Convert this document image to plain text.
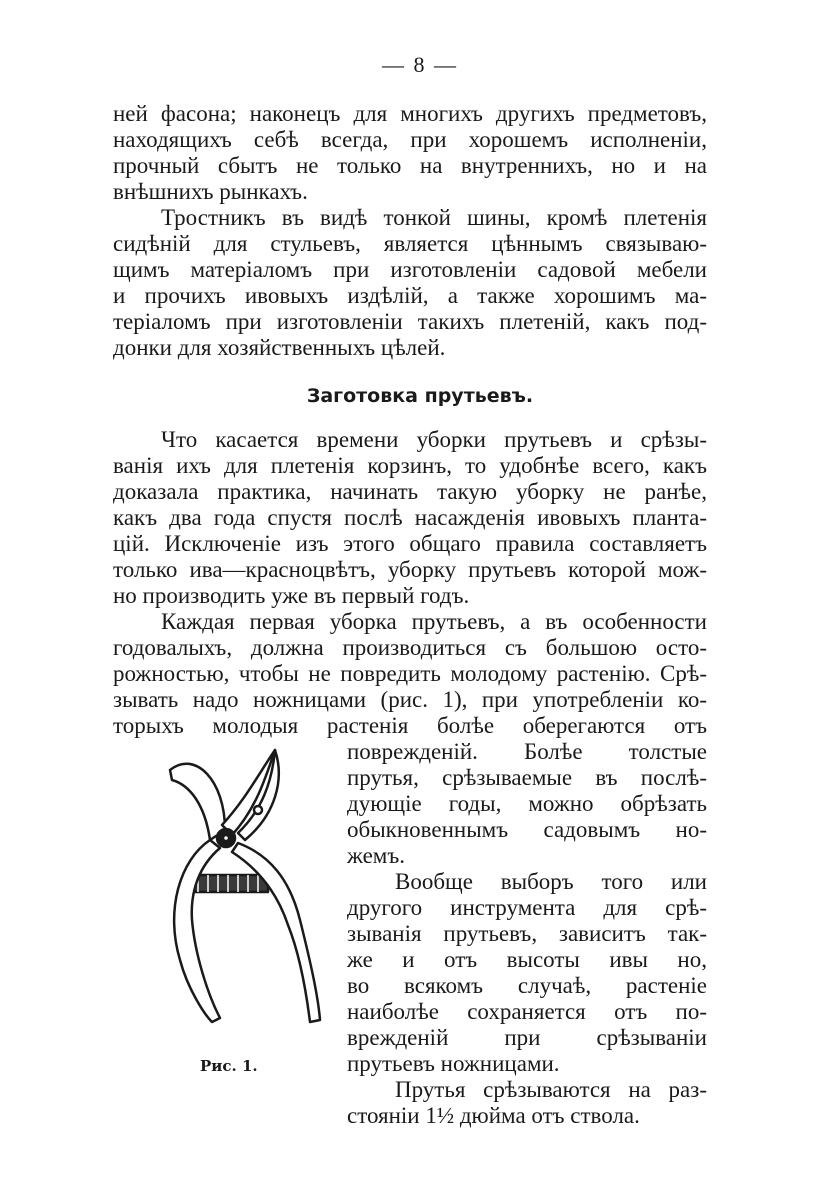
— 8 —
ней фасона; наконецъ для многихъ другихъ предметовъ,
находящихъ себѣ всегда, при хорошемъ исполненіи,
прочный сбытъ не только на внутреннихъ, но и на
внѣшнихъ рынкахъ.
Тростникъ въ видѣ тонкой шины, кромѣ плетенія
сидѣній для стульевъ, является цѣннымъ связываю-
щимъ матеріаломъ при изготовленіи садовой мебели
и прочихъ ивовыхъ издѣлій, а также хорошимъ ма-
теріаломъ при изготовленіи такихъ плетеній, какъ под-
донки для хозяйственныхъ цѣлей.
Заготовка прутьевъ.
Что касается времени уборки прутьевъ и срѣзы-
ванія ихъ для плетенія корзинъ, то удобнѣе всего, какъ
доказала практика, начинать такую уборку не ранѣе,
какъ два года спустя послѣ насажденія ивовыхъ планта-
цій. Исключеніе изъ этого общаго правила составляетъ
только ива—красноцвѣтъ, уборку прутьевъ которой мож-
но производить уже въ первый годъ.
Каждая первая уборка прутьевъ, а въ особенности
годовалыхъ, должна производиться съ большою осто-
рожностью, чтобы не повредить молодому растенію. Срѣ-
зывать надо ножницами (рис. 1), при употребленіи ко-
торыхъ молодыя растенія болѣе оберегаются отъ
поврежденій. Болѣе толстые
прутья, срѣзываемые въ послѣ-
дующіе годы, можно обрѣзать
обыкновеннымъ садовымъ но-
жемъ.
Вообще выборъ того или
другого инструмента для срѣ-
зыванія прутьевъ, зависитъ так-
же и отъ высоты ивы но,
во всякомъ случаѣ, растеніе
наиболѣе сохраняется отъ по-
врежденій при срѣзываніи
прутьевъ ножницами.
Прутья срѣзываются на раз-
стояніи 1½ дюйма отъ ствола.
Рис. 1.
